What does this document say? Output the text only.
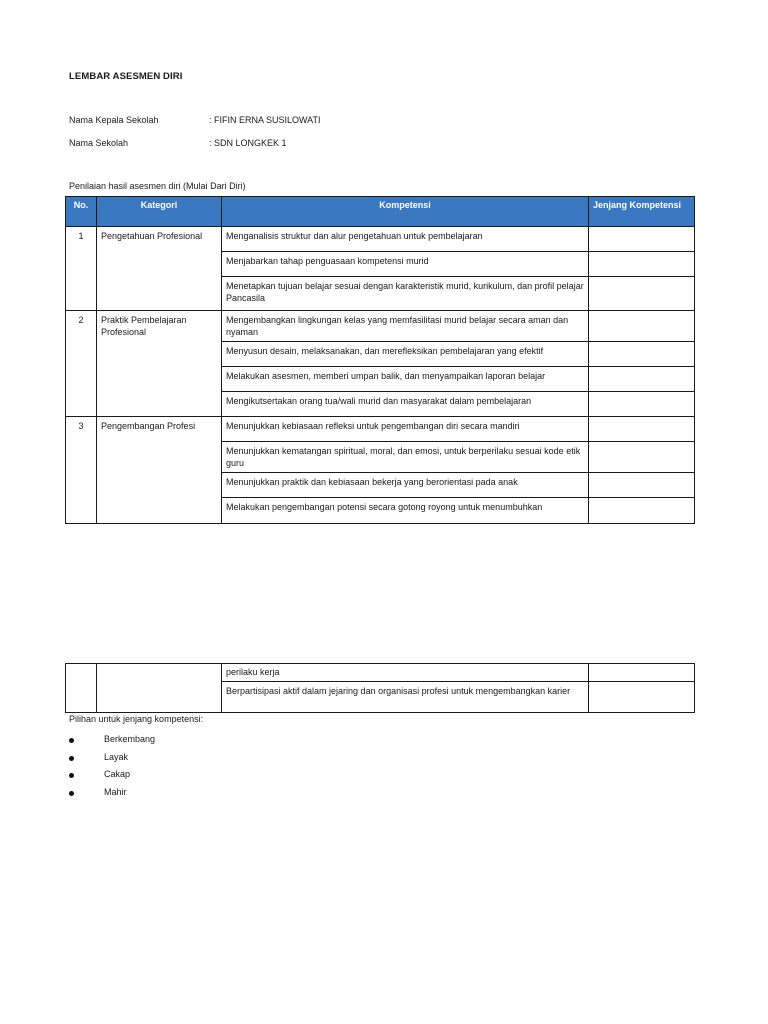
LEMBAR ASESMEN DIRI
Nama Kepala Sekolah	: FIFIN ERNA SUSILOWATI
Nama Sekolah	: SDN LONGKEK 1
Penilaian hasil asesmen diri (Mulai Dari Diri)
No.	Kategori	Kompetensi	Jenjang Kompetensi
1	Pengetahuan Profesional	Menganalisis struktur dan alur pengetahuan untuk pembelajaran	
		Menjabarkan tahap penguasaan kompetensi murid	
		Menetapkan tujuan belajar sesuai dengan karakteristik murid, kurikulum, dan profil pelajar Pancasila	
2	Praktik Pembelajaran Profesional	Mengembangkan lingkungan kelas yang memfasilitasi murid belajar secara aman dan nyaman	
		Menyusun desain, melaksanakan, dan merefleksikan pembelajaran yang efektif	
		Melakukan asesmen, memberi umpan balik, dan menyampaikan laporan belajar	
		Mengikutsertakan orang tua/wali murid dan masyarakat dalam pembelajaran	
3	Pengembangan Profesi	Menunjukkan kebiasaan refleksi untuk pengembangan diri secara mandiri	
		Menunjukkan kematangan spiritual, moral, dan emosi, untuk berperilaku sesuai kode etik guru	
		Menunjukkan praktik dan kebiasaan bekerja yang berorientasi pada anak	
		Melakukan pengembangan potensi secara gotong royong untuk menumbuhkan	
		perilaku kerja	
		Berpartisipasi aktif dalam jejaring dan organisasi profesi untuk mengembangkan karier	
Pilihan untuk jenjang kompetensi:
Berkembang
Layak
Cakap
Mahir
